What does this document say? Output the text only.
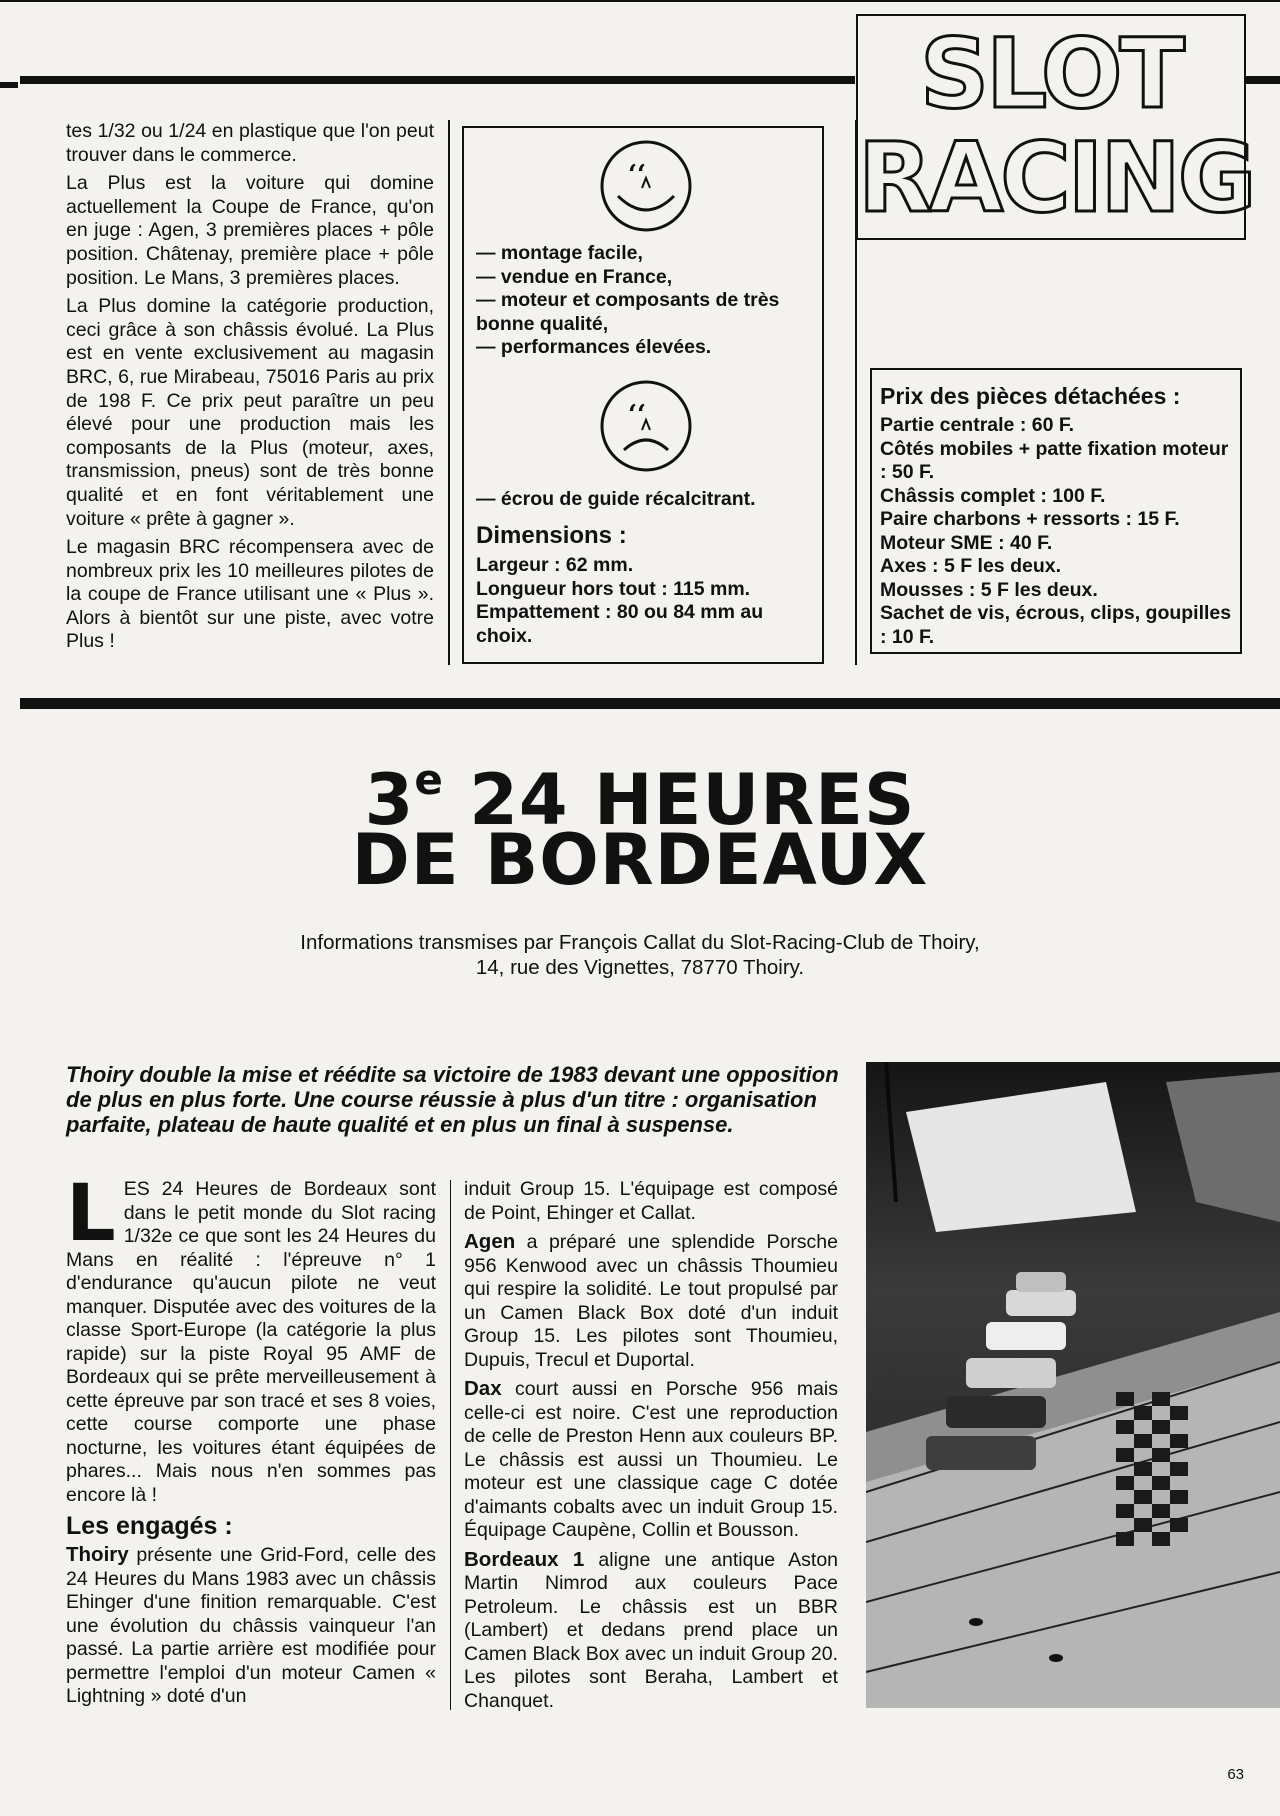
SLOT
RACING

tes 1/32 ou 1/24 en plastique que l'on peut trouver dans le commerce.

La Plus est la voiture qui domine actuellement la Coupe de France, qu'on en juge : Agen, 3 premières places + pôle position. Châtenay, première place + pôle position. Le Mans, 3 premières places.

La Plus domine la catégorie production, ceci grâce à son châssis évolué. La Plus est en vente exclusivement au magasin BRC, 6, rue Mirabeau, 75016 Paris au prix de 198 F. Ce prix peut paraître un peu élevé pour une production mais les composants de la Plus (moteur, axes, transmission, pneus) sont de très bonne qualité et en font véritablement une voiture « prête à gagner ».

Le magasin BRC récompensera avec de nombreux prix les 10 meilleures pilotes de la coupe de France utilisant une « Plus ». Alors à bientôt sur une piste, avec votre Plus !

‘‘
— montage facile,
— vendue en France,
— moteur et composants de très bonne qualité,
— performances élevées.
‘‘
— écrou de guide récalcitrant.
Dimensions :
Largeur : 62 mm.
Longueur hors tout : 115 mm.
Empattement : 80 ou 84 mm au choix.
Prix des pièces détachées :
Partie centrale : 60 F.
Côtés mobiles + patte fixation moteur : 50 F.
Châssis complet : 100 F.
Paire charbons + ressorts : 15 F.
Moteur SME : 40 F.
Axes : 5 F les deux.
Mousses : 5 F les deux.
Sachet de vis, écrous, clips, goupilles : 10 F.
3e 24 HEURES
DE BORDEAUX
Informations transmises par François Callat du Slot-Racing-Club de Thoiry,
14, rue des Vignettes, 78770 Thoiry.
Thoiry double la mise et réédite sa victoire de 1983 devant une opposition de plus en plus forte. Une course réussie à plus d'un titre : organisation parfaite, plateau de haute qualité et en plus un final à suspense.

LES 24 Heures de Bordeaux sont dans le petit monde du Slot racing 1/32e ce que sont les 24 Heures du Mans en réalité : l'épreuve n° 1 d'endurance qu'aucun pilote ne veut manquer. Disputée avec des voitures de la classe Sport-Europe (la catégorie la plus rapide) sur la piste Royal 95 AMF de Bordeaux qui se prête merveilleusement à cette épreuve par son tracé et ses 8 voies, cette course comporte une phase nocturne, les voitures étant équipées de phares... Mais nous n'en sommes pas encore là !

Les engagés :

Thoiry présente une Grid-Ford, celle des 24 Heures du Mans 1983 avec un châssis Ehinger d'une finition remarquable. C'est une évolution du châssis vainqueur l'an passé. La partie arrière est modifiée pour permettre l'emploi d'un moteur Camen « Lightning » doté d'un

induit Group 15. L'équipage est composé de Point, Ehinger et Callat.

Agen a préparé une splendide Porsche 956 Kenwood avec un châssis Thoumieu qui respire la solidité. Le tout propulsé par un Camen Black Box doté d'un induit Group 15. Les pilotes sont Thoumieu, Dupuis, Trecul et Duportal.

Dax court aussi en Porsche 956 mais celle-ci est noire. C'est une reproduction de celle de Preston Henn aux couleurs BP. Le châssis est aussi un Thoumieu. Le moteur est une classique cage C dotée d'aimants cobalts avec un induit Group 15. Équipage Caupène, Collin et Bousson.

Bordeaux 1 aligne une antique Aston Martin Nimrod aux couleurs Pace Petroleum. Le châssis est un BBR (Lambert) et dedans prend place un Camen Black Box avec un induit Group 20. Les pilotes sont Beraha, Lambert et Chanquet.

63
